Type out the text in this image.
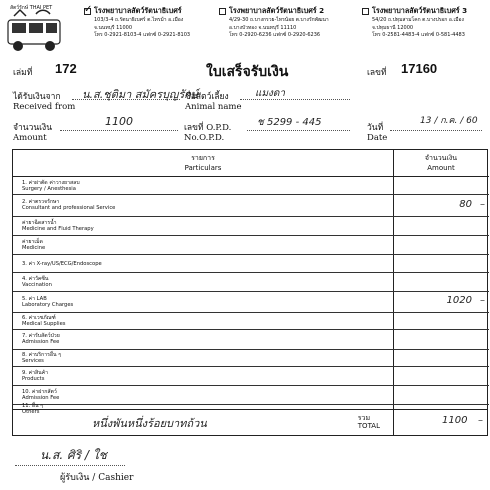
สัตว์รักษ์ THAI PET
✓	โรงพยาบาลสัตว์รัตนาธิเบศร์
103/3-4 ถ.รัตนาธิเบศร์ ต.ไทรม้า อ.เมือง
จ.นนทบุรี 11000
โทร 0-2921-8103-4 แฟกซ์ 0-2921-8103
โรงพยาบาลสัตว์รัตนาธิเบศร์ 2
4/29-30 ถ.บางกรวย-ไทรน้อย ต.บางรักพัฒนา
อ.บางบัวทอง จ.นนทบุรี 11110
โทร 0-2920-6236 แฟกซ์ 0-2920-6236
โรงพยาบาลสัตว์รัตนาธิเบศร์ 3
54/20 ถ.ปทุมสามโคก ต.บางปรอก อ.เมือง
จ.ปทุมธานี 12000
โทร 0-2581-4483-4 แฟกซ์ 0-581-4483
เล่มที่ 172	ใบเสร็จรับเงิน	เลขที่ 17160
ได้รับเงินจาก
Received from
น.ส.ชุติมา สมัครบุญรักษ์
ชื่อสัตว์เลี้ยง
Animal name
แมงดา
จำนวนเงิน
Amount
1100	เลขที่ O.P.D.
No.O.P.D.
ช 5299 - 445	วันที่
Date
13 / ก.ค. / 60
รายการ
Particulars
จำนวนเงิน
Amount
1. ค่าผ่าตัด ค่าวางยาสลบ
Surgery / Anesthesia
2. ค่าตรวจรักษา
Consultant and professional Service	80 –
ค่ายาฉีดสารน้ำ
Medicine and Fluid Therapy
ค่ายาเม็ด
Medicine
3. ค่า X-ray/US/ECG/Endoscope
4. ค่าวัคซีน
Vaccination
5. ค่า LAB
Laboratory Charges	1020 –
6. ค่าเวชภัณฑ์
Medical Supplies
7. ค่ารับสัตว์ป่วย
Admission Fee
8. ค่าบริการอื่น ๆ
Services
9. ค่าสินค้า
Products
10. ค่าฝากสัตว์
Admission Fee
11. อื่น ๆ
Others
หนึ่งพันหนึ่งร้อยบาทถ้วน	รวม
TOTAL	1100 –
น.ส. ศิริ / ใช
ผู้รับเงิน / Cashier
